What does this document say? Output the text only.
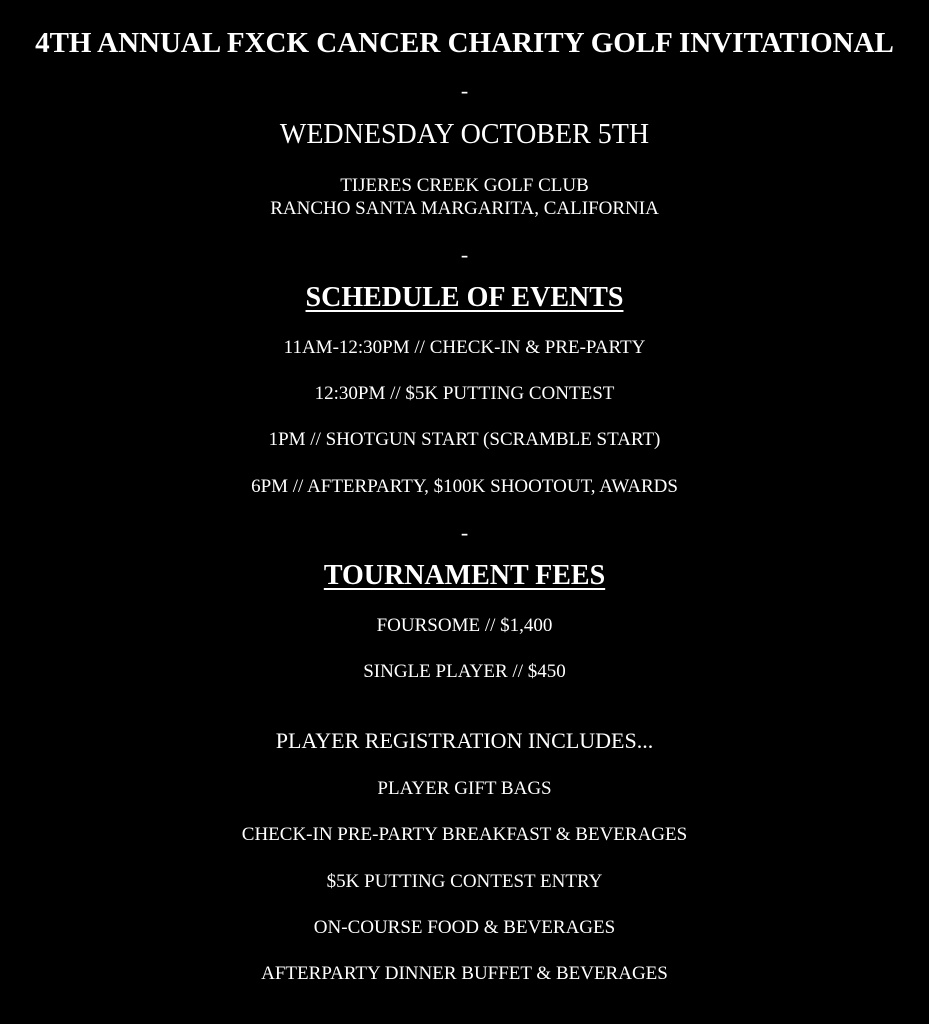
4TH ANNUAL FXCK CANCER CHARITY GOLF INVITATIONAL

-

WEDNESDAY OCTOBER 5TH

TIJERES CREEK GOLF CLUB

RANCHO SANTA MARGARITA, CALIFORNIA

-

SCHEDULE OF EVENTS

11AM-12:30PM // CHECK-IN & PRE-PARTY

12:30PM // $5K PUTTING CONTEST

1PM // SHOTGUN START (SCRAMBLE START)

6PM // AFTERPARTY, $100K SHOOTOUT, AWARDS

-

TOURNAMENT FEES

FOURSOME // $1,400

SINGLE PLAYER // $450

PLAYER REGISTRATION INCLUDES...

PLAYER GIFT BAGS

CHECK-IN PRE-PARTY BREAKFAST & BEVERAGES

$5K PUTTING CONTEST ENTRY

ON-COURSE FOOD & BEVERAGES

AFTERPARTY DINNER BUFFET & BEVERAGES
